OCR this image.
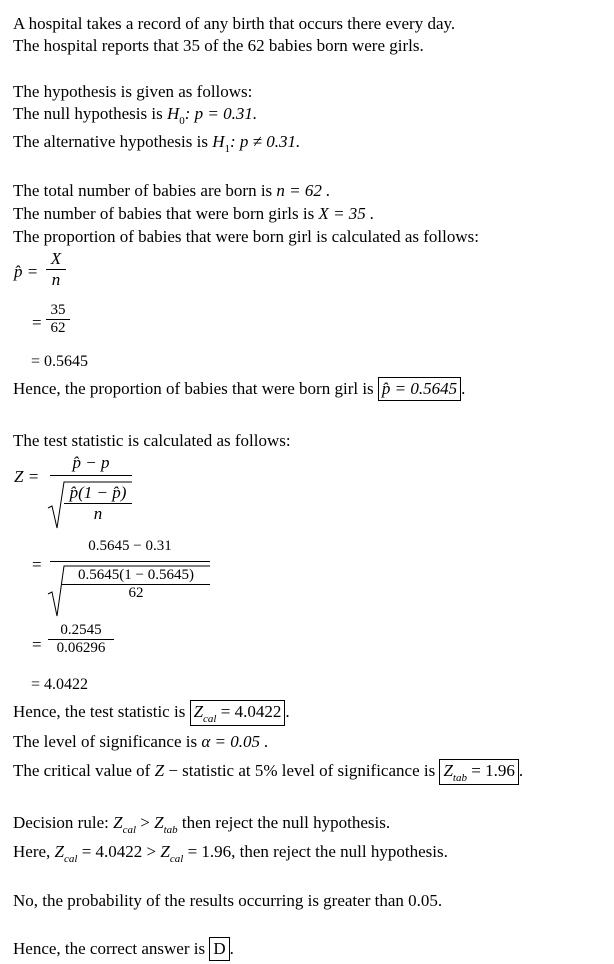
A hospital takes a record of any birth that occurs there every day.
The hospital reports that 35 of the 62 babies born were girls.
The hypothesis is given as follows:
The null hypothesis is $H_0$: p = 0.31.
The alternative hypothesis is $H_1$: p ≠ 0.31.
The total number of babies are born is n = 62 .
The number of babies that were born girls is X = 35 .
The proportion of babies that were born girl is calculated as follows:
p̂ = $\frac{X}{n}$
= $\frac{35}{62}$
= 0.5645
Hence, the proportion of babies that were born girl is p̂ = 0.5645 .
The test statistic is calculated as follows:
Z =
p̂ − p
$\frac{p̂(1 - p̂)}{n}$
=
0.5645 − 0.31
$\frac{0.5645(1 - 0.5645)}{62}$
= $\frac{0.2545}{0.06296}$
= 4.0422
Hence, the test statistic is $Z_{cal} = 4.0422$ .
The level of significance is α = 0.05 .
The critical value of Z − statistic at 5% level of significance is $Z_{tab} = 1.96$ .
Decision rule: $Z_{cal} > Z_{tab}$ then reject the null hypothesis.
Here, $Z_{cal} = 4.0422 > Z_{cal} = 1.96$, then reject the null hypothesis.
No, the probability of the results occurring is greater than 0.05.
Hence, the correct answer is D .
